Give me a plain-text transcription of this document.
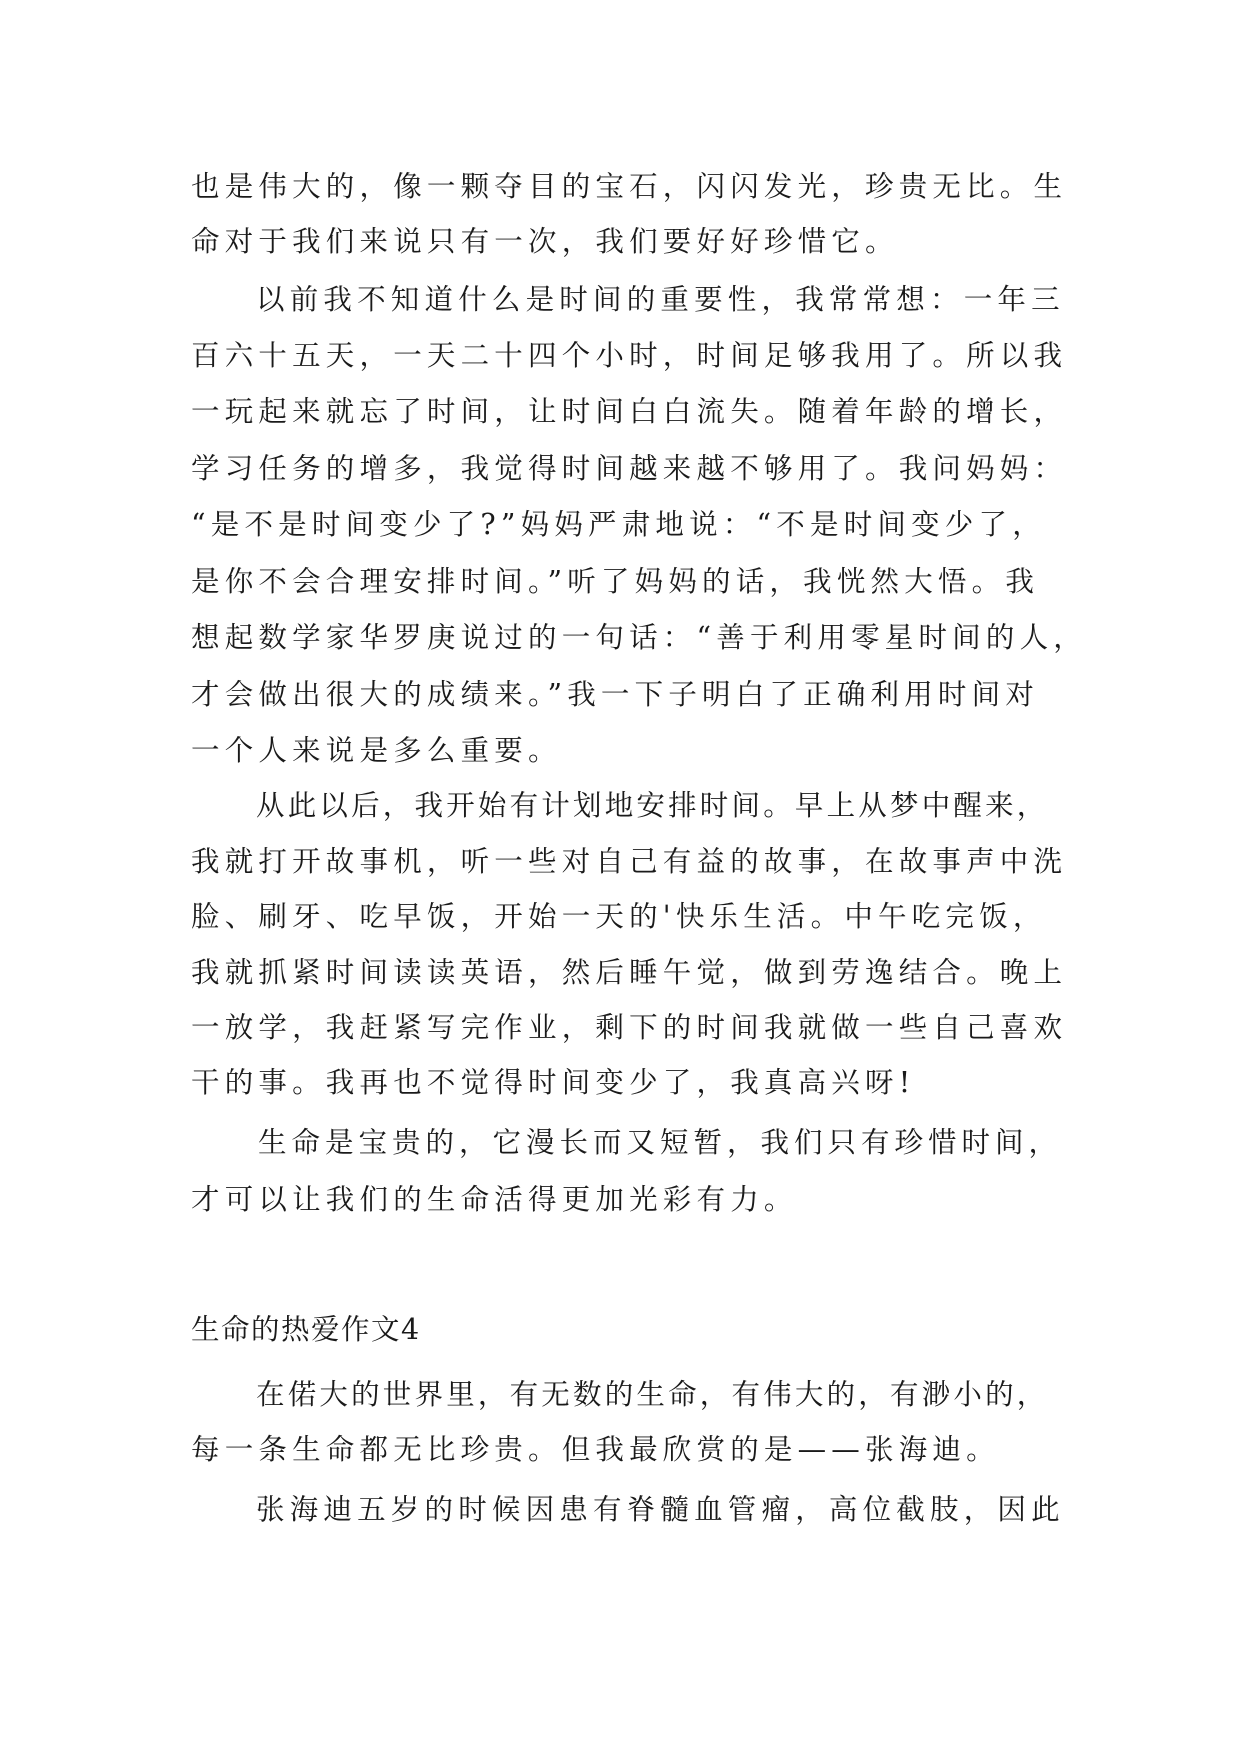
也是伟大的，像一颗夺目的宝石，闪闪发光，珍贵无比。生
命对于我们来说只有一次，我们要好好珍惜它。
以前我不知道什么是时间的重要性，我常常想：一年三
百六十五天，一天二十四个小时，时间足够我用了。所以我
一玩起来就忘了时间，让时间白白流失。随着年龄的增长，
学习任务的增多，我觉得时间越来越不够用了。我问妈妈：
“是不是时间变少了?”妈妈严肃地说：“不是时间变少了，
是你不会合理安排时间。”听了妈妈的话，我恍然大悟。我
想起数学家华罗庚说过的一句话：“善于利用零星时间的人，
才会做出很大的成绩来。”我一下子明白了正确利用时间对
一个人来说是多么重要。
从此以后，我开始有计划地安排时间。早上从梦中醒来，
我就打开故事机，听一些对自己有益的故事，在故事声中洗
脸、刷牙、吃早饭，开始一天的'快乐生活。中午吃完饭，
我就抓紧时间读读英语，然后睡午觉，做到劳逸结合。晚上
一放学，我赶紧写完作业，剩下的时间我就做一些自己喜欢
干的事。我再也不觉得时间变少了，我真高兴呀!
生命是宝贵的，它漫长而又短暂，我们只有珍惜时间，
才可以让我们的生命活得更加光彩有力。
生命的热爱作文4
在偌大的世界里，有无数的生命，有伟大的，有渺小的，
每一条生命都无比珍贵。但我最欣赏的是——张海迪。
张海迪五岁的时候因患有脊髓血管瘤，高位截肢，因此
